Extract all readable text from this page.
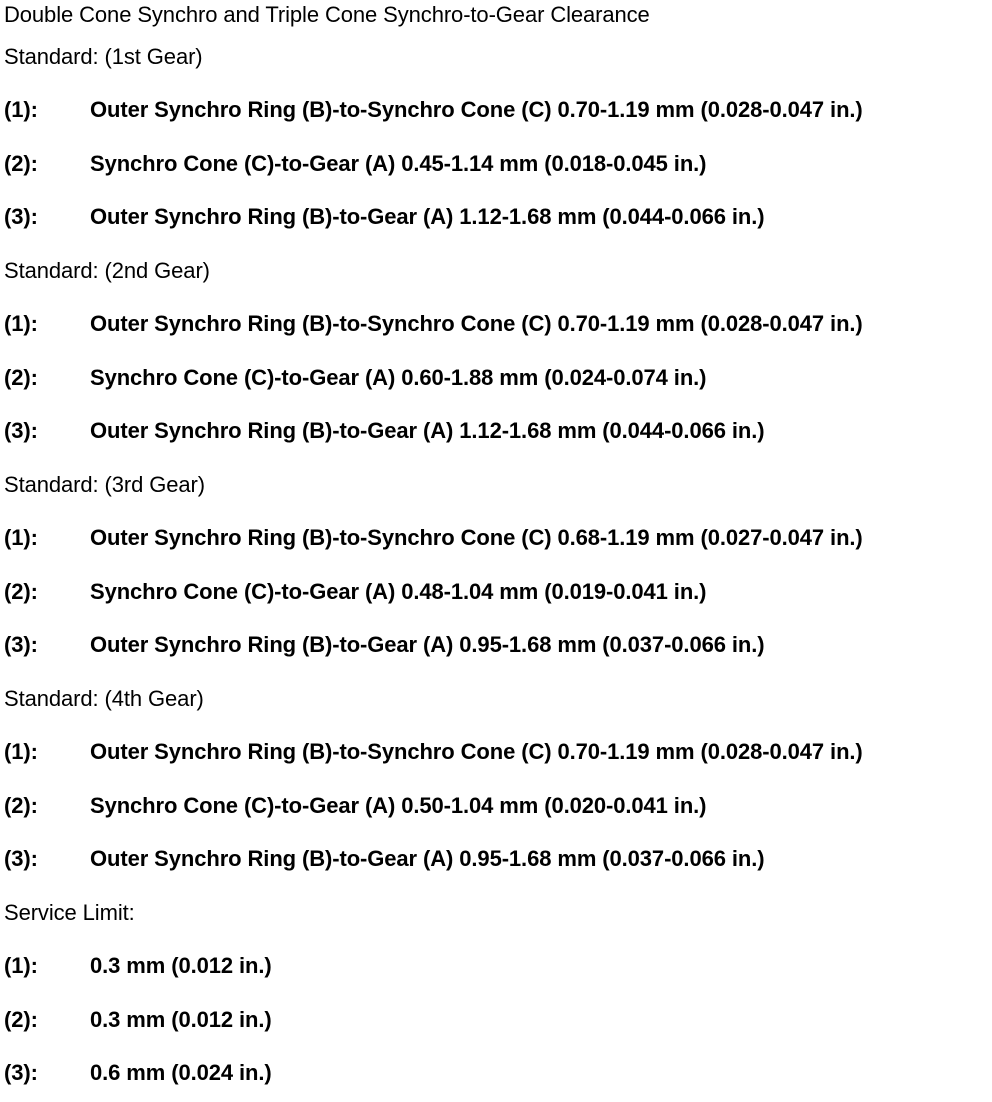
Double Cone Synchro and Triple Cone Synchro-to-Gear Clearance
Standard: (1st Gear)
(1):	Outer Synchro Ring (B)-to-Synchro Cone (C) 0.70-1.19 mm (0.028-0.047 in.)
(2):	Synchro Cone (C)-to-Gear (A) 0.45-1.14 mm (0.018-0.045 in.)
(3):	Outer Synchro Ring (B)-to-Gear (A) 1.12-1.68 mm (0.044-0.066 in.)
Standard: (2nd Gear)
(1):	Outer Synchro Ring (B)-to-Synchro Cone (C) 0.70-1.19 mm (0.028-0.047 in.)
(2):	Synchro Cone (C)-to-Gear (A) 0.60-1.88 mm (0.024-0.074 in.)
(3):	Outer Synchro Ring (B)-to-Gear (A) 1.12-1.68 mm (0.044-0.066 in.)
Standard: (3rd Gear)
(1):	Outer Synchro Ring (B)-to-Synchro Cone (C) 0.68-1.19 mm (0.027-0.047 in.)
(2):	Synchro Cone (C)-to-Gear (A) 0.48-1.04 mm (0.019-0.041 in.)
(3):	Outer Synchro Ring (B)-to-Gear (A) 0.95-1.68 mm (0.037-0.066 in.)
Standard: (4th Gear)
(1):	Outer Synchro Ring (B)-to-Synchro Cone (C) 0.70-1.19 mm (0.028-0.047 in.)
(2):	Synchro Cone (C)-to-Gear (A) 0.50-1.04 mm (0.020-0.041 in.)
(3):	Outer Synchro Ring (B)-to-Gear (A) 0.95-1.68 mm (0.037-0.066 in.)
Service Limit:
(1):	0.3 mm (0.012 in.)
(2):	0.3 mm (0.012 in.)
(3):	0.6 mm (0.024 in.)
